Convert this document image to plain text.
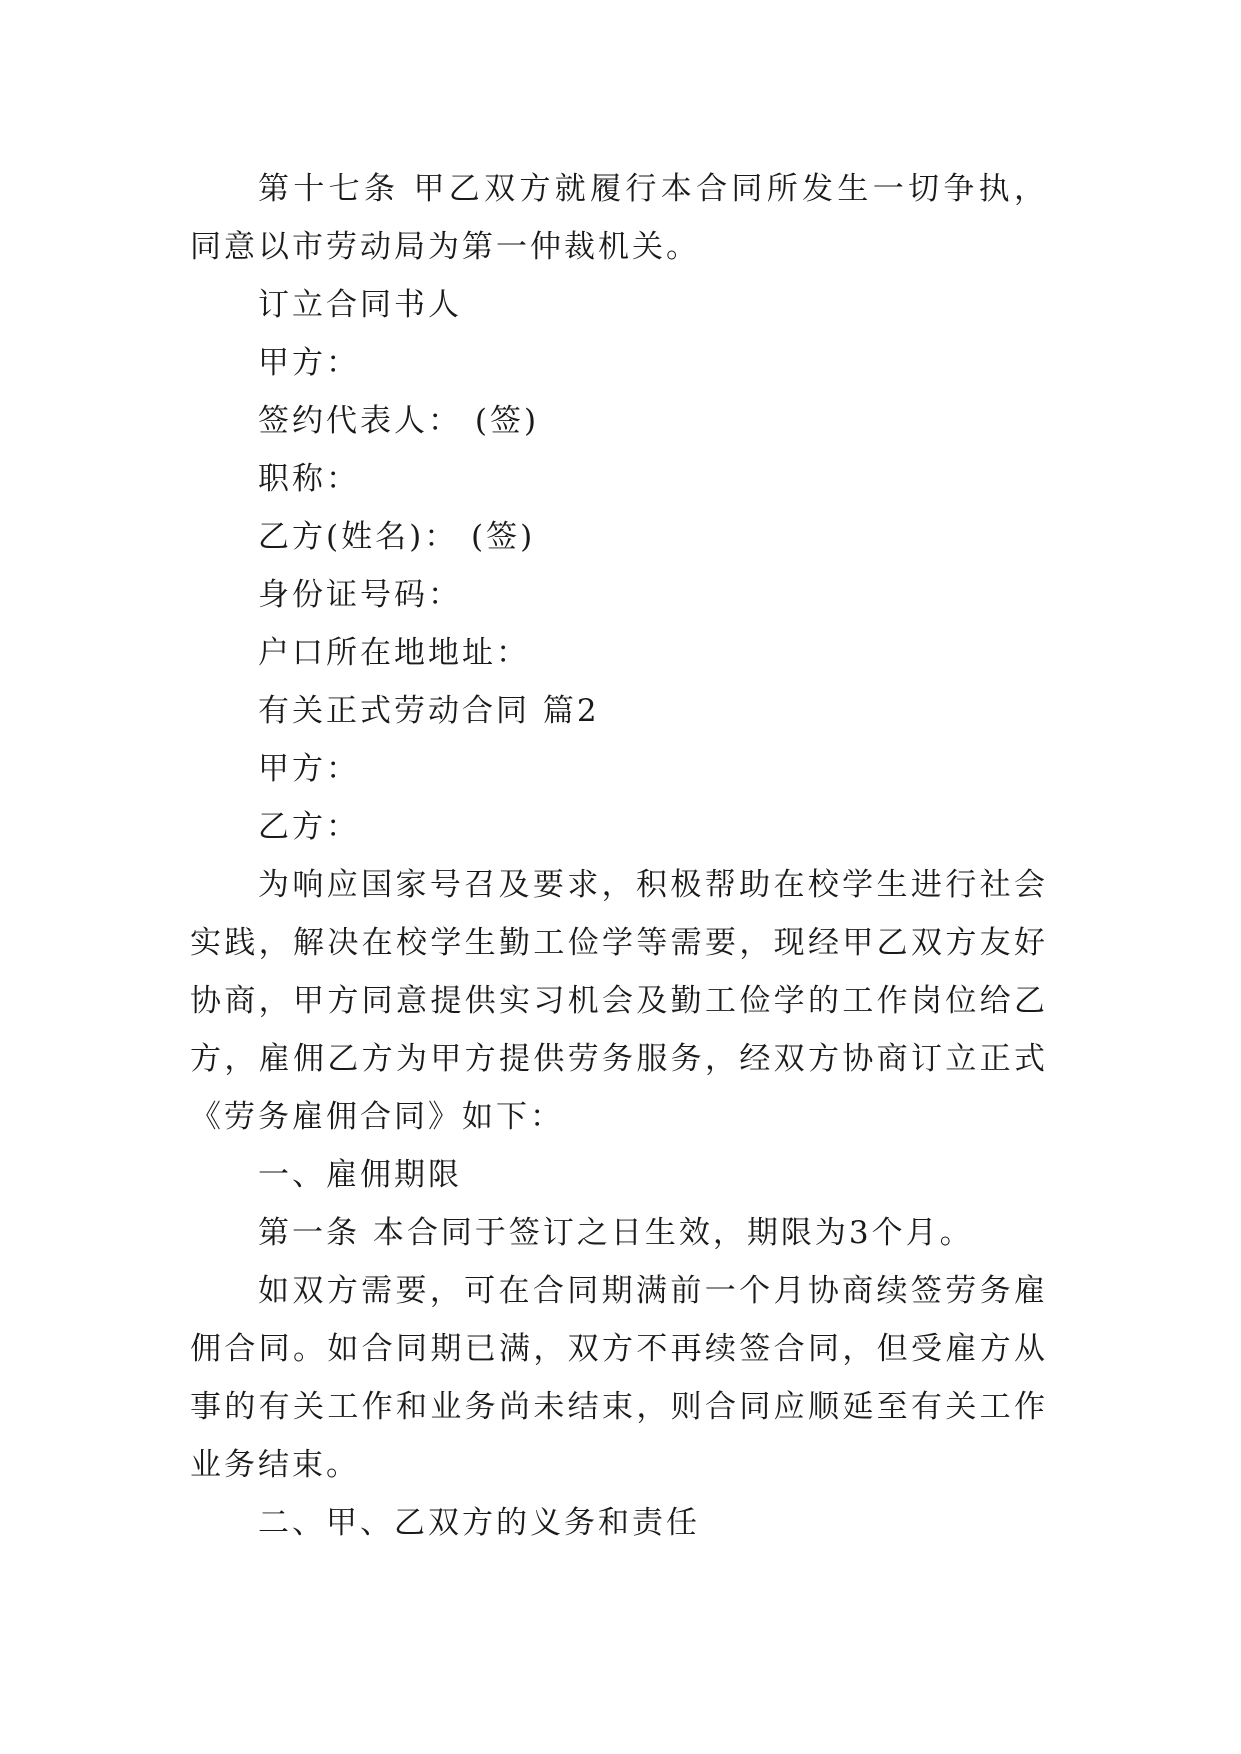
第十七条 甲乙双方就履行本合同所发生一切争执，同意以市劳动局为第一仲裁机关。

订立合同书人

甲方：

签约代表人： (签)

职称：

乙方(姓名)： (签)

身份证号码：

户口所在地地址：

有关正式劳动合同 篇2

甲方：

乙方：

为响应国家号召及要求，积极帮助在校学生进行社会实践，解决在校学生勤工俭学等需要，现经甲乙双方友好协商，甲方同意提供实习机会及勤工俭学的工作岗位给乙方，雇佣乙方为甲方提供劳务服务，经双方协商订立正式《劳务雇佣合同》如下：

一、雇佣期限

第一条 本合同于签订之日生效，期限为3个月。

如双方需要，可在合同期满前一个月协商续签劳务雇佣合同。如合同期已满，双方不再续签合同，但受雇方从事的有关工作和业务尚未结束，则合同应顺延至有关工作业务结束。

二、甲、乙双方的义务和责任
